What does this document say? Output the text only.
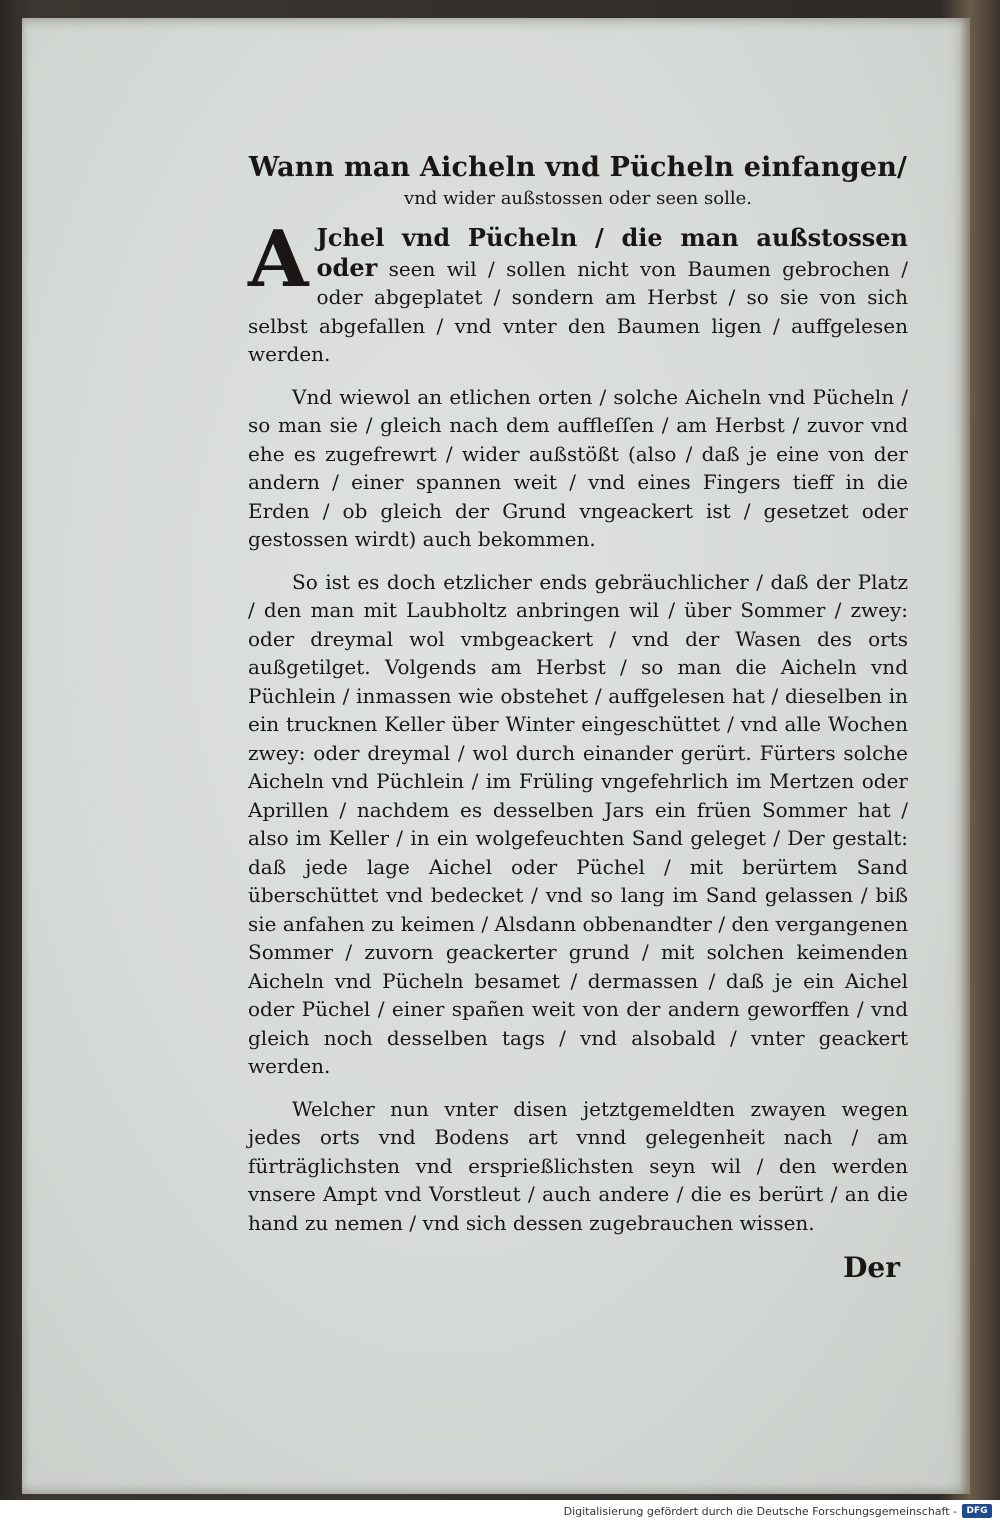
Wann man Aicheln vnd Pücheln einfangen/
vnd wider außstossen oder seen solle.

A Jchel vnd Pücheln / die man außstossen oder seen wil / sollen nicht von Baumen gebrochen / oder abgeplatet / sondern am Herbst / so sie von sich selbst abgefallen / vnd vnter den Baumen ligen / auffgelesen werden.

Vnd wiewol an etlichen orten / solche Aicheln vnd Pücheln / so man sie / gleich nach dem auffleſſen / am Herbst / zuvor vnd ehe es zugefrewrt / wider außstößt (also / daß je eine von der andern / einer spannen weit / vnd eines Fingers tieff in die Erden / ob gleich der Grund vngeackert ist / gesetzet oder gestossen wirdt) auch bekommen.

So ist es doch etzlicher ends gebräuchlicher / daß der Platz / den man mit Laubholtz anbringen wil / über Sommer / zwey: oder dreymal wol vmbgeackert / vnd der Wasen des orts außgetilget. Volgends am Herbst / so man die Aicheln vnd Püchlein / inmassen wie obstehet / auffgelesen hat / dieselben in ein trucknen Keller über Winter eingeschüttet / vnd alle Wochen zwey: oder dreymal / wol durch einander gerürt. Fürters solche Aicheln vnd Püchlein / im Früling vngefehrlich im Mertzen oder Aprillen / nachdem es desselben Jars ein früen Sommer hat / also im Keller / in ein wolgefeuchten Sand geleget / Der gestalt: daß jede lage Aichel oder Püchel / mit berürtem Sand überschüttet vnd bedecket / vnd so lang im Sand gelassen / biß sie anfahen zu keimen / Alsdann obbenandter / den vergangenen Sommer / zuvorn geackerter grund / mit solchen keimenden Aicheln vnd Pücheln besamet / dermassen / daß je ein Aichel oder Püchel / einer spañen weit von der andern geworffen / vnd gleich noch desselben tags / vnd alsobald / vnter geackert werden.

Welcher nun vnter disen jetztgemeldten zwayen wegen jedes orts vnd Bodens art vnnd gelegenheit nach / am fürträglichsten vnd ersprießlichsten seyn wil / den werden vnsere Ampt vnd Vorstleut / auch andere / die es berürt / an die hand zu nemen / vnd sich dessen zugebrauchen wissen.

Der
Digitalisierung gefördert durch die Deutsche Forschungsgemeinschaft -	DFG
